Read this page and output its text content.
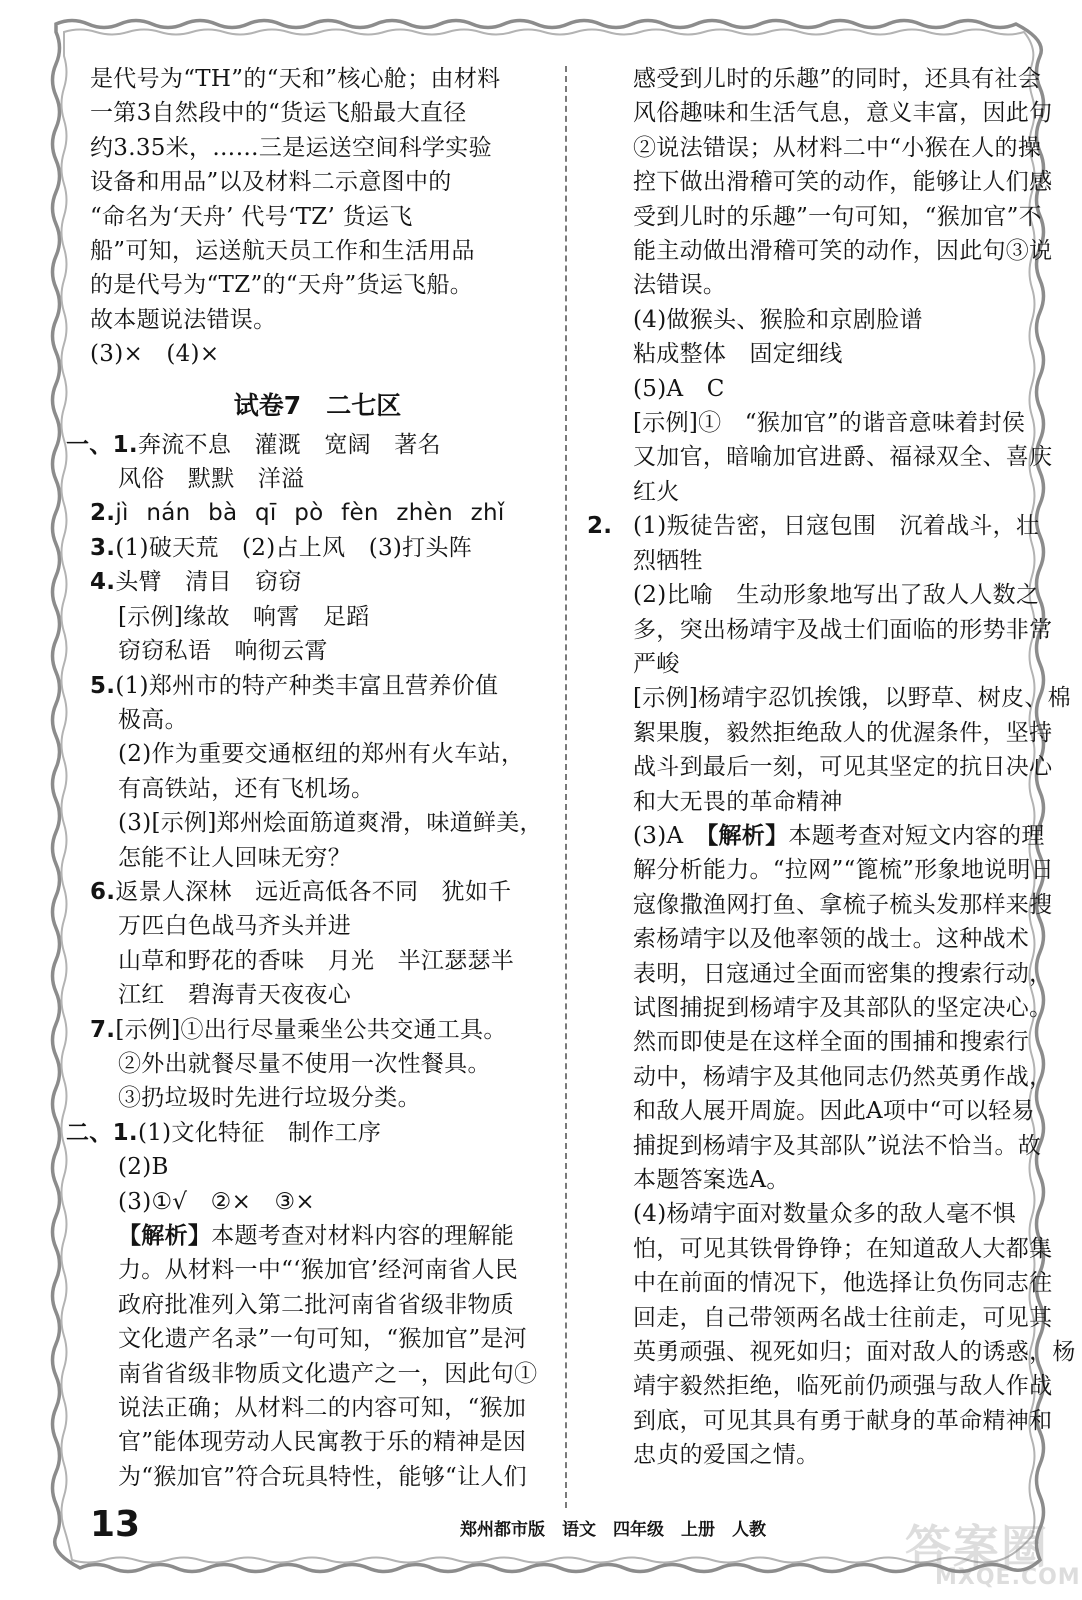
是代号为“TH”的“天和”核心舱；由材料
一第3自然段中的“货运飞船最大直径
约3.35米，……三是运送空间科学实验
设备和用品”以及材料二示意图中的
“命名为‘天舟’ 代号‘TZ’ 货运飞
船”可知，运送航天员工作和生活用品
的是代号为“TZ”的“天舟”货运飞船。
故本题说法错误。
(3)×　(4)×
试卷7　二七区
一、1.奔流不息　灌溉　宽阔　著名
风俗　默默　洋溢
2.jì nán bà qī pò fèn zhèn zhǐ
3.(1)破天荒　(2)占上风　(3)打头阵
4.头臂　清目　窃窃
[示例]缘故　响霄　足蹈
窃窃私语　响彻云霄
5.(1)郑州市的特产种类丰富且营养价值
极高。
(2)作为重要交通枢纽的郑州有火车站，
有高铁站，还有飞机场。
(3)[示例]郑州烩面筋道爽滑，味道鲜美，
怎能不让人回味无穷？
6.返景人深林　远近高低各不同　犹如千
万匹白色战马齐头并进
山草和野花的香味　月光　半江瑟瑟半
江红　碧海青天夜夜心
7.[示例]①出行尽量乘坐公共交通工具。
②外出就餐尽量不使用一次性餐具。
③扔垃圾时先进行垃圾分类。
二、1.(1)文化特征　制作工序
(2)B
(3)①√　②×　③×
【解析】本题考查对材料内容的理解能
力。从材料一中“‘猴加官’经河南省人民
政府批准列入第二批河南省省级非物质
文化遗产名录”一句可知，“猴加官”是河
南省省级非物质文化遗产之一，因此句①
说法正确；从材料二的内容可知，“猴加
官”能体现劳动人民寓教于乐的精神是因
为“猴加官”符合玩具特性，能够“让人们
感受到儿时的乐趣”的同时，还具有社会
风俗趣味和生活气息，意义丰富，因此句
②说法错误；从材料二中“小猴在人的操
控下做出滑稽可笑的动作，能够让人们感
受到儿时的乐趣”一句可知，“猴加官”不
能主动做出滑稽可笑的动作，因此句③说
法错误。
(4)做猴头、猴脸和京剧脸谱
粘成整体　固定细线
(5)A　C
[示例]①　“猴加官”的谐音意味着封侯
又加官，暗喻加官进爵、福禄双全、喜庆
红火
2. (1)叛徒告密，日寇包围　沉着战斗，壮
烈牺牲
(2)比喻　生动形象地写出了敌人人数之
多，突出杨靖宇及战士们面临的形势非常
严峻
[示例]杨靖宇忍饥挨饿，以野草、树皮、棉
絮果腹，毅然拒绝敌人的优渥条件，坚持
战斗到最后一刻，可见其坚定的抗日决心
和大无畏的革命精神
(3)A　【解析】本题考查对短文内容的理
解分析能力。“拉网”“篦梳”形象地说明日
寇像撒渔网打鱼、拿梳子梳头发那样来搜
索杨靖宇以及他率领的战士。这种战术
表明，日寇通过全面而密集的搜索行动，
试图捕捉到杨靖宇及其部队的坚定决心。
然而即使是在这样全面的围捕和搜索行
动中，杨靖宇及其他同志仍然英勇作战，
和敌人展开周旋。因此A项中“可以轻易
捕捉到杨靖宇及其部队”说法不恰当。故
本题答案选A。
(4)杨靖宇面对数量众多的敌人毫不惧
怕，可见其铁骨铮铮；在知道敌人大都集
中在前面的情况下，他选择让负伤同志往
回走，自己带领两名战士往前走，可见其
英勇顽强、视死如归；面对敌人的诱惑，杨
靖宇毅然拒绝，临死前仍顽强与敌人作战
到底，可见其具有勇于献身的革命精神和
忠贞的爱国之情。
13	郑州都市版　语文　四年级　上册　人教	答案圈
MXQE.COM
